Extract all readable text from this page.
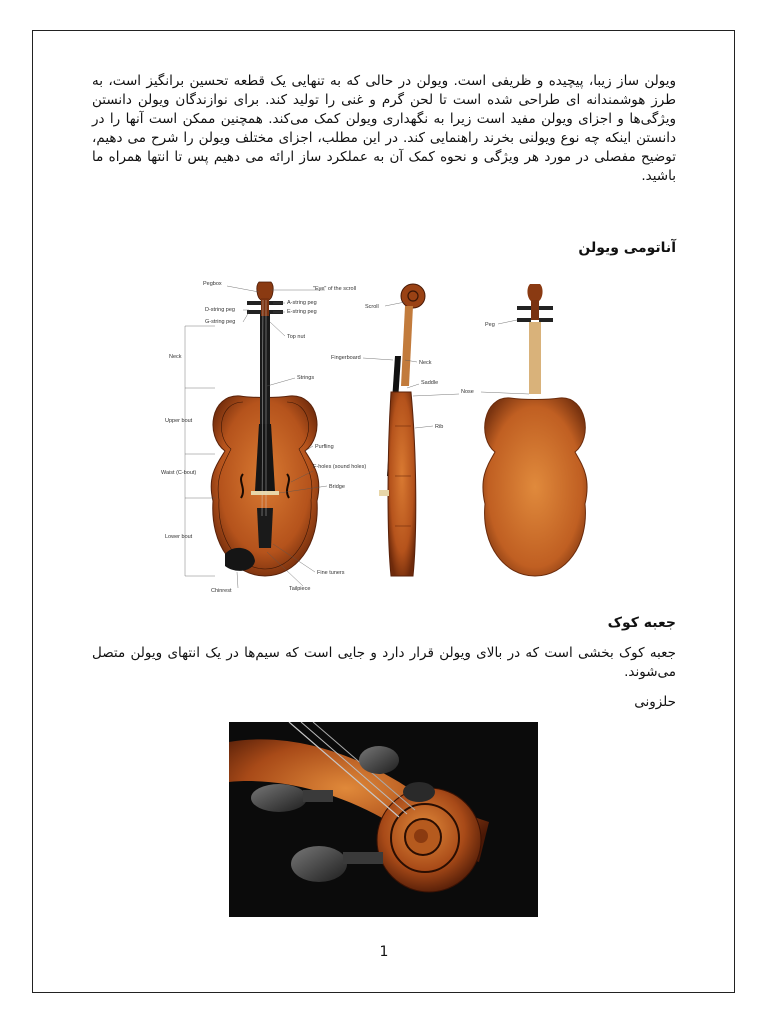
ویولن ساز زیبا، پیچیده و ظریفی است. ویولن در حالی که به تنهایی یک قطعه تحسین برانگیز است، به طرز هوشمندانه ای طراحی شده است تا لحن گرم و غنی را تولید کند. برای نوازندگان ویولن دانستن ویژگی‌ها و اجزای ویولن مفید است زیرا به نگهداری ویولن کمک می‌کند. همچنین ممکن است آنها را در دانستن اینکه چه نوع ویولنی بخرند راهنمایی کند. در این مطلب، اجزای مختلف ویولن را شرح می دهیم، توضیح مفصلی در مورد هر ویژگی و نحوه کمک آن به عملکرد ساز ارائه می دهیم پس تا انتها همراه ما باشید.

آناتومی ویولن
Pegbox
"Eye" of the scroll
A-string peg
E-string peg
D-string peg
G-string peg
Top nut
Neck
Strings
Upper bout
Purfling
Waist (C-bout)
F-holes (sound holes)
Bridge
Lower bout
Fine tuners
Chinrest	Tailpiece
Scroll
Fingerboard
Neck
Saddle
Rib
Peg
Nose
جعبه کوک

جعبه کوک بخشی است که در بالای ویولن قرار دارد و جایی است که سیم‌ها در یک انتهای ویولن متصل می‌شوند.

حلزونی
1
